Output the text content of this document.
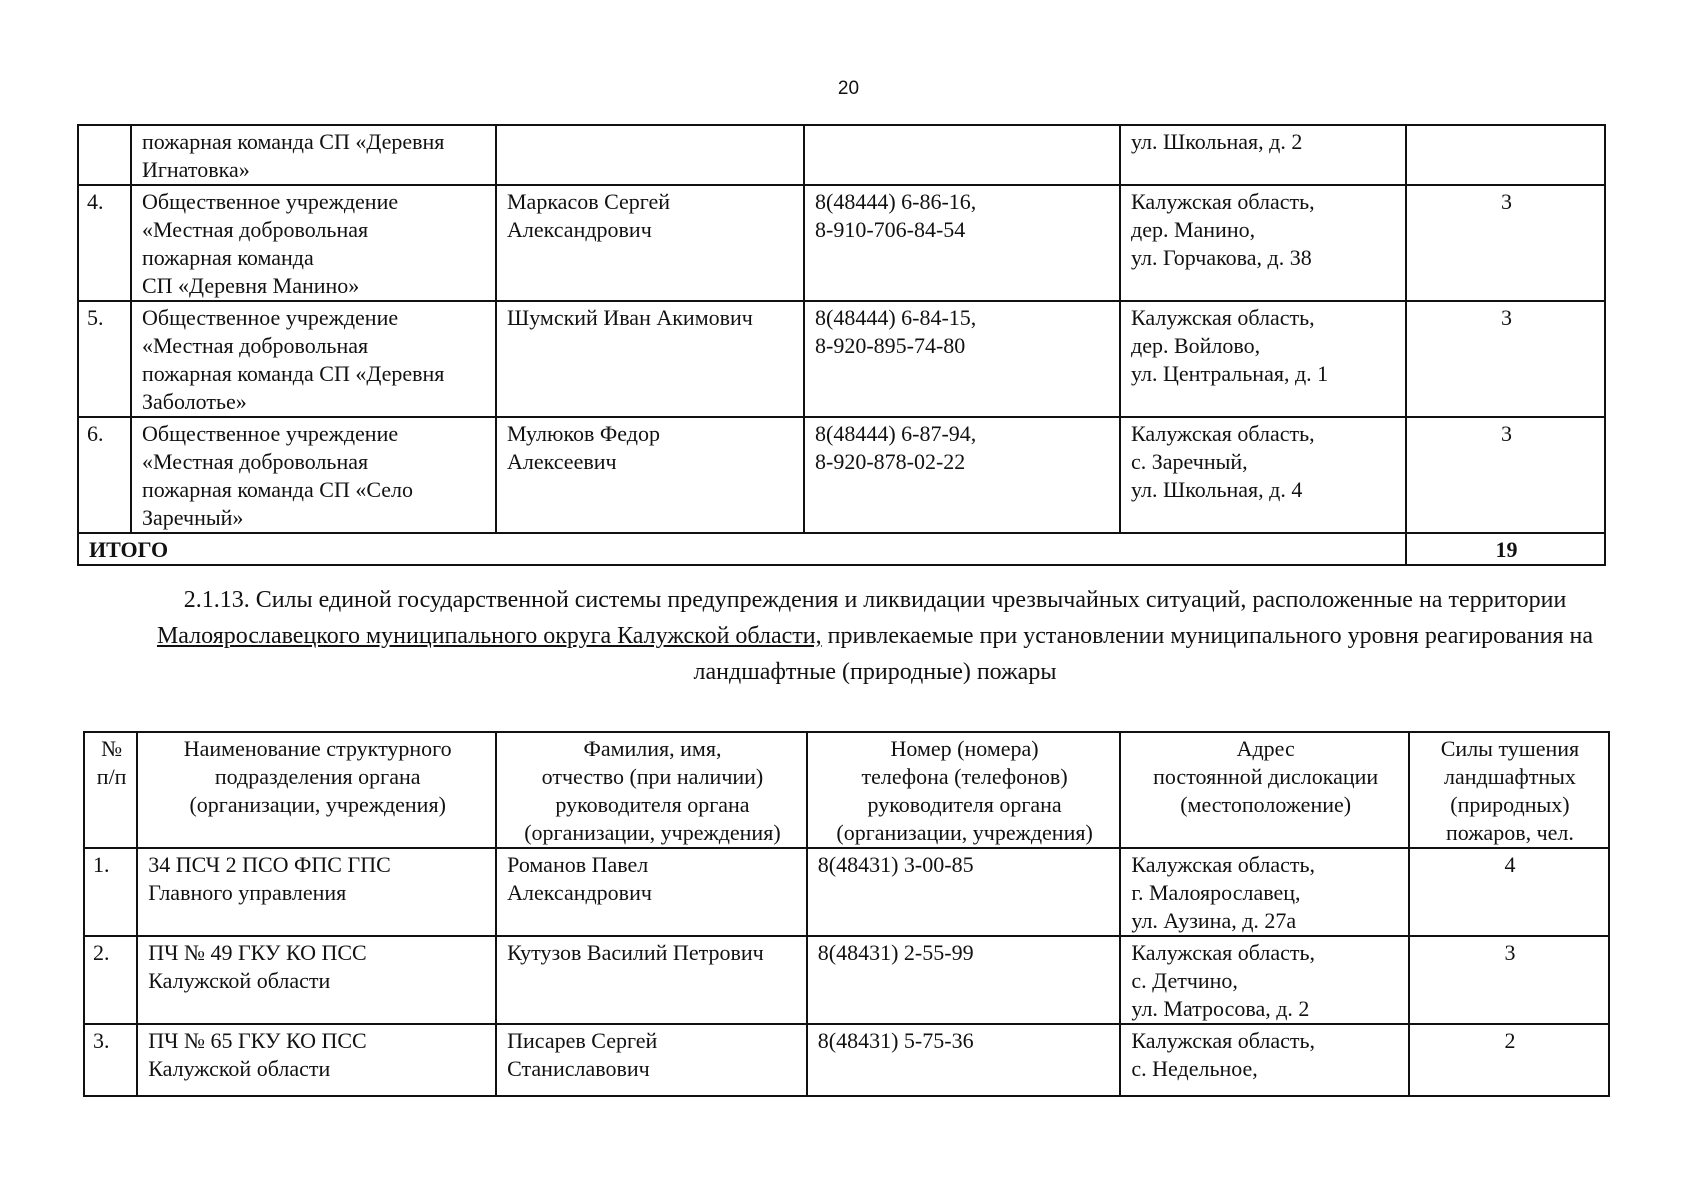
20

	пожарная команда СП «Деревня
Игнатовка»			ул. Школьная, д. 2	

4.	Общественное учреждение
«Местная добровольная
пожарная команда
СП «Деревня Манино»	Маркасов Сергей
Александрович	8(48444) 6-86-16,
8-910-706-84-54	Калужская область,
дер. Манино,
ул. Горчакова, д. 38	3
5.	Общественное учреждение
«Местная добровольная
пожарная команда СП «Деревня
Заболотье»	Шумский Иван Акимович	8(48444) 6-84-15,
8-920-895-74-80	Калужская область,
дер. Войлово,
ул. Центральная, д. 1	3
6.	Общественное учреждение
«Местная добровольная
пожарная команда СП «Село
Заречный»	Мулюков Федор
Алексеевич	8(48444) 6-87-94,
8-920-878-02-22	Калужская область,
с. Заречный,
ул. Школьная, д. 4	3
ИТОГО					19
2.1.13. Силы единой государственной системы предупреждения и ликвидации чрезвычайных ситуаций, расположенные на территории Малоярославецкого муниципального округа Калужской области, привлекаемые при установлении муниципального уровня реагирования на ландшафтные (природные) пожары
№
п/п	Наименование структурного
подразделения органа
(организации, учреждения)	Фамилия, имя,
отчество (при наличии)
руководителя органа
(организации, учреждения)	Номер (номера)
телефона (телефонов)
руководителя органа
(организации, учреждения)	Адрес
постоянной дислокации
(местоположение)	Силы тушения
ландшафтных
(природных)
пожаров, чел.

1.	34 ПСЧ 2 ПСО ФПС ГПС
Главного управления	Романов Павел
Александрович	8(48431) 3-00-85	Калужская область,
г. Малоярославец,
ул. Аузина, д. 27а	4
2.	ПЧ № 49 ГКУ КО ПСС
Калужской области	Кутузов Василий Петрович	8(48431) 2-55-99	Калужская область,
с. Детчино,
ул. Матросова, д. 2	3
3.	ПЧ № 65 ГКУ КО ПСС
Калужской области	Писарев Сергей
Станиславович	8(48431) 5-75-36	Калужская область,
с. Недельное,	2
